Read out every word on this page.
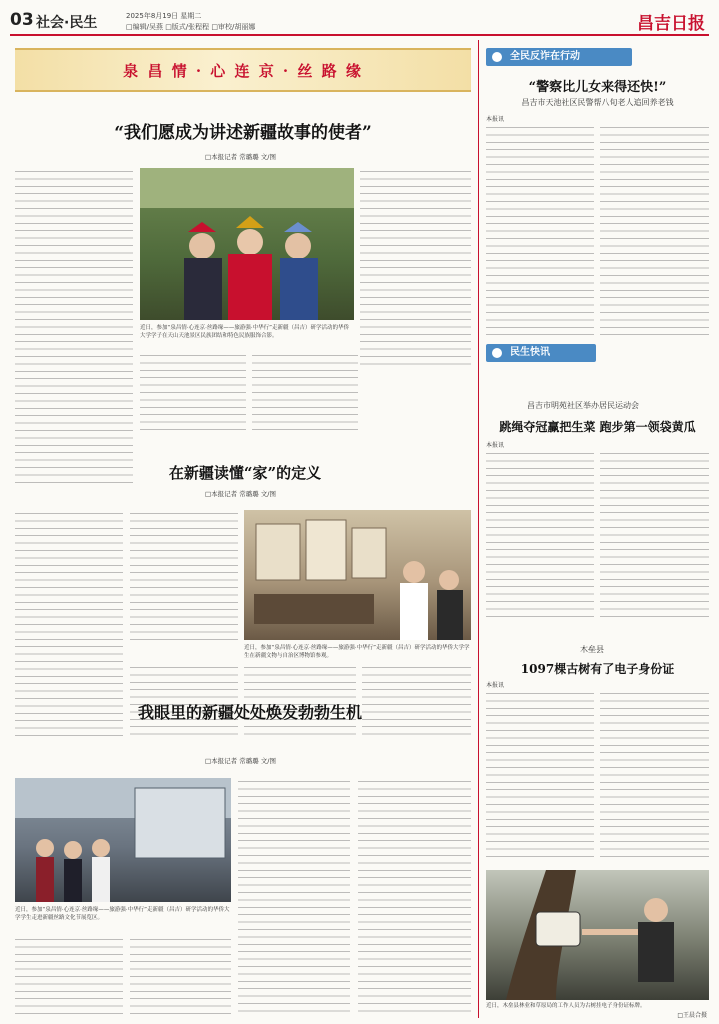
03 社会·民生	2025年8月19日 星期二
□编辑/吴燕 □版式/张程程 □审校/胡丽娜	昌吉日报
泉 昌 情 · 心 连 京 · 丝 路 缘
“我们愿成为讲述新疆故事的使者”
□本报记者 常璐璐 文/图
近日，参加“泉昌情·心连京·丝路缘——旅游强·中华行”走新疆（昌吉）研学活动的华侨大学学子在天山天池景区民族团结和特色民族服饰合影。
在新疆读懂“家”的定义
□本报记者 常璐璐 文/图
近日，参加“泉昌情·心连京·丝路缘——旅游强·中华行”走新疆（昌吉）研学活动的华侨大学学生在新疆文物与自治区博物馆参观。
我眼里的新疆处处焕发勃勃生机
□本报记者 常璐璐 文/图
近日，参加“泉昌情·心连京·丝路缘——旅游强·中华行”走新疆（昌吉）研学活动的华侨大学学生走进新疆丝路文化节展览区。
全民反诈在行动
“警察比儿女来得还快!”
昌吉市天池社区民警帮八旬老人追回养老钱
本报讯
民生快讯
昌吉市明苑社区举办居民运动会
跳绳夺冠赢把生菜 跑步第一领袋黄瓜
本报讯
木垒县
1097棵古树有了电子身份证
本报讯
近日，木垒县林业和草原局的工作人员为古树挂电子身份证标牌。
□王晨合摄
